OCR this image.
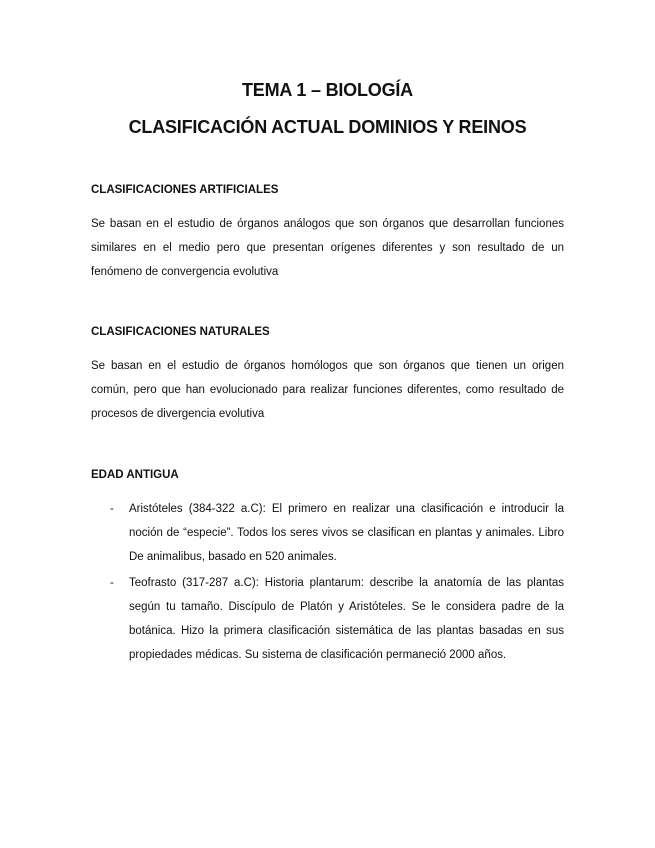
TEMA 1 – BIOLOGÍA
CLASIFICACIÓN ACTUAL DOMINIOS Y REINOS
CLASIFICACIONES ARTIFICIALES
Se basan en el estudio de órganos análogos que son órganos que desarrollan funciones similares en el medio pero que presentan orígenes diferentes y son resultado de un fenómeno de convergencia evolutiva
CLASIFICACIONES NATURALES
Se basan en el estudio de órganos homólogos que son órganos que tienen un origen común, pero que han evolucionado para realizar funciones diferentes, como resultado de procesos de divergencia evolutiva
EDAD ANTIGUA
- Aristóteles (384-322 a.C): El primero en realizar una clasificación e introducir la noción de “especie”. Todos los seres vivos se clasifican en plantas y animales. Libro De animalibus, basado en 520 animales.
- Teofrasto (317-287 a.C): Historia plantarum: describe la anatomía de las plantas según tu tamaño. Discípulo de Platón y Aristóteles. Se le considera padre de la botánica. Hizo la primera clasificación sistemática de las plantas basadas en sus propiedades médicas. Su sistema de clasificación permaneció 2000 años.
